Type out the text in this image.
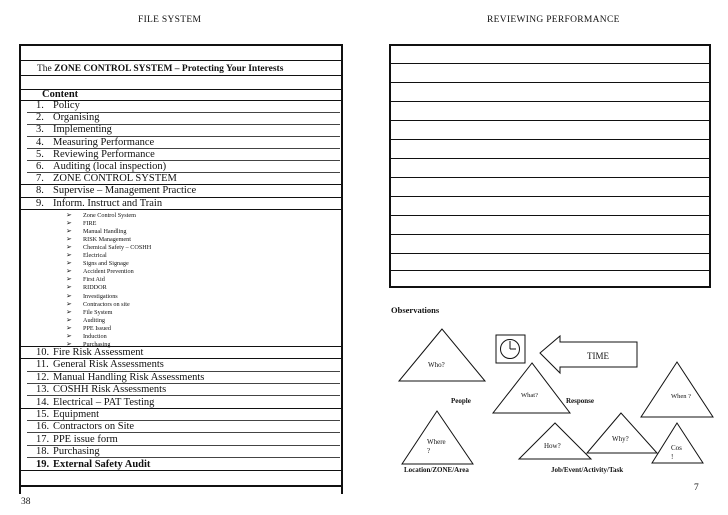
FILE SYSTEM	REVIEWING PERFORMANCE
The ZONE CONTROL SYSTEM – Protecting Your Interests
Content
1. Policy
2. Organising
3. Implementing
4. Measuring Performance
5. Reviewing Performance
6. Auditing (local inspection)
7. ZONE CONTROL SYSTEM
8. Supervise – Management Practice
9. Inform. Instruct and Train
➢ Zone Control System
➢ FIRE
➢ Manual Handling
➢ RISK Management
➢ Chemical Safety – COSHH
➢ Electrical
➢ Signs and Signage
➢ Accident Prevention
➢ First Aid
➢ RIDDOR
➢ Investigations
➢ Contractors on site
➢ File System
➢ Auditing
➢ PPE Issued
➢ Induction
➢ Purchasing
10. Fire Risk Assessment
11. General Risk Assessments
12. Manual Handling Risk Assessments
13. COSHH Risk Assessments
14. Electrical – PAT Testing
15. Equipment
16. Contractors on Site
17. PPE issue form
18. Purchasing
19. External Safety Audit
38
Observations
TIME
Who?
What?	When ?
Where ?
How?
Why?
Cos !
People	Response
Location/ZONE/Area	Job/Event/Activity/Task
7
